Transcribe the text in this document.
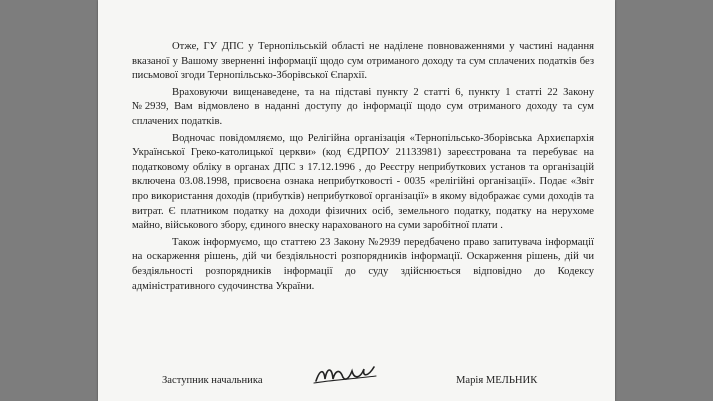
Отже, ГУ ДПС у Тернопільській області не наділене повноваженнями у частині надання вказаної у Вашому зверненні інформації щодо сум отриманого доходу та сум сплачених податків без письмової згоди Тернопільсько-Зборівської Єпархії.

Враховуючи вищенаведене, та на підставі пункту 2 статті 6, пункту 1 статті 22 Закону №2939, Вам відмовлено в наданні доступу до інформації щодо сум отриманого доходу та сум сплачених податків.

Водночас повідомляємо, що Релігійна організація «Тернопільсько-Зборівська Архиєпархія Української Греко-католицької церкви» (код ЄДРПОУ 21133981) зареєстрована та перебуває на податковому обліку в органах ДПС з 17.12.1996 , до Реєстру неприбуткових установ та організацій включена 03.08.1998, присвоєна ознака неприбутковості - 0035 «релігійні організації». Подає «Звіт про використання доходів (прибутків) неприбуткової організації» в якому відображає суми доходів та витрат. Є платником податку на доходи фізичних осіб, земельного податку, податку на нерухоме майно, військового збору, єдиного внеску нарахованого на суми заробітної плати .

Також інформуємо, що статтею 23 Закону №2939 передбачено право запитувача інформації на оскарження рішень, дій чи бездіяльності розпорядників інформації. Оскарження рішень, дій чи бездіяльності розпорядників інформації до суду здійснюється відповідно до Кодексу адміністративного судочинства України.

Заступник начальника	Марія МЕЛЬНИК
